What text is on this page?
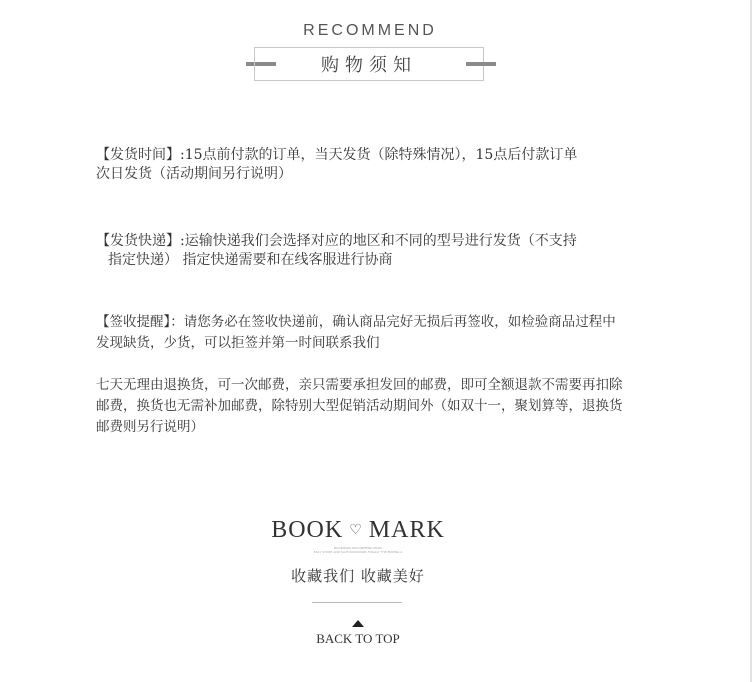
RECOMMEND
购物须知
【发货时间】:15点前付款的订单，当天发货（除特殊情况），15点后付款订单
次日发货（活动期间另行说明）
【发货快递】:运输快递我们会选择对应的地区和不同的型号进行发货（不支持
指定快递） 指定快递需要和在线客服进行协商
【签收提醒】：请您务必在签收快递前，确认商品完好无损后再签收，如检验商品过程中
发现缺货，少货，可以拒签并第一时间联系我们
七天无理由退换货，可一次邮费，亲只需要承担发回的邮费，即可全额退款不需要再扣除
邮费，换货也无需补加邮费，除特别大型促销活动期间外（如双十一，聚划算等，退换货
邮费则另行说明）
BOOK ♡ MARK
BOOKMARK RECOMMEND MARK
EASY STORE AND SAVE BOOKMARK FINALLY THE ENDING A
收藏我们 收藏美好
BACK TO TOP
